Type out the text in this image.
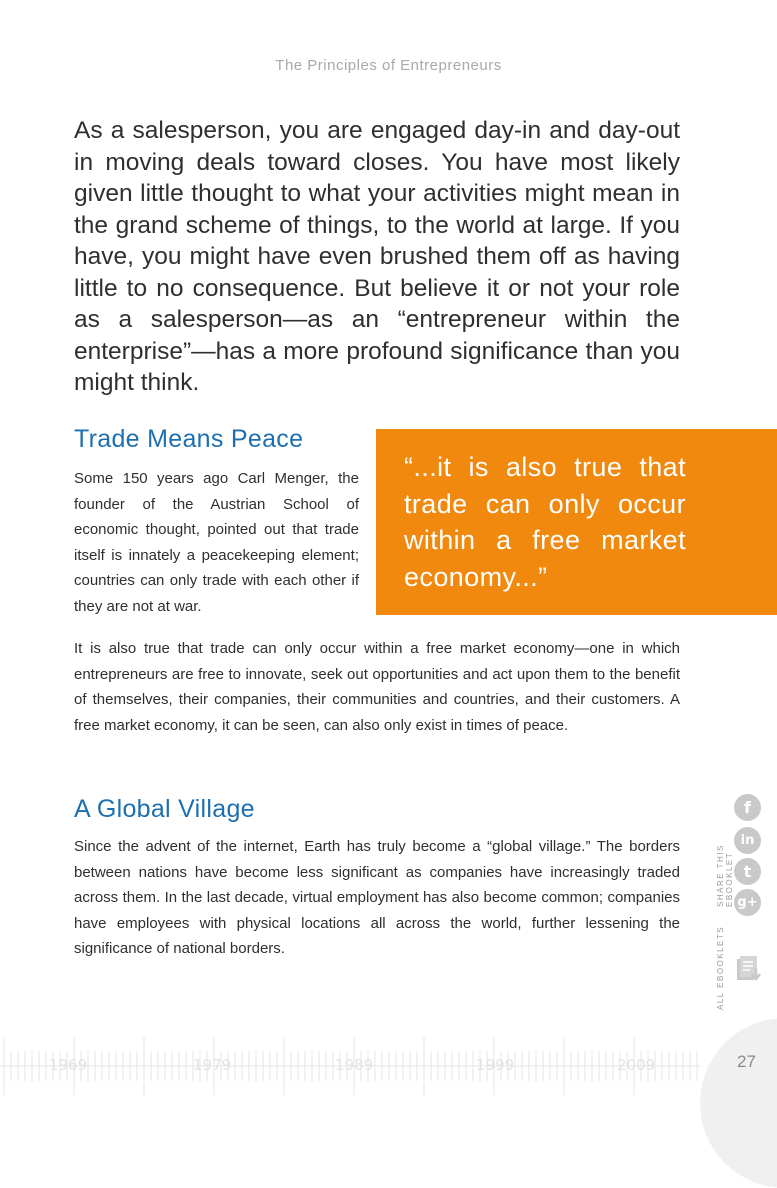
The Principles of Entrepreneurs

As a salesperson, you are engaged day-in and day-out in moving deals toward closes. You have most likely given little thought to what your activities might mean in the grand scheme of things, to the world at large. If you have, you might have even brushed them off as having little to no consequence. But believe it or not your role as a salesperson—as an “entrepreneur within the enterprise”—has a more profound significance than you might think.

Trade Means Peace

Some 150 years ago Carl Menger, the founder of the Austrian School of economic thought, pointed out that trade itself is innately a peacekeeping element; countries can only trade with each other if they are not at war.

“...it is also true that trade can only occur within a free market economy...”

It is also true that trade can only occur within a free market economy—one in which entrepreneurs are free to innovate, seek out opportunities and act upon them to the benefit of themselves, their companies, their communities and countries, and their customers. A free market economy, it can be seen, can also only exist in times of peace.

A Global Village

Since the advent of the internet, Earth has truly become a “global village.” The borders between nations have become less significant as companies have increasingly traded across them. In the last decade, virtual employment has also become common; companies have employees with physical locations all across the world, further lessening the significance of national borders.

SHARE THIS EBOOKLET
f
in
t
g+
ALL EBOOKLETS
1969	1979	1989	1999	2009	27
